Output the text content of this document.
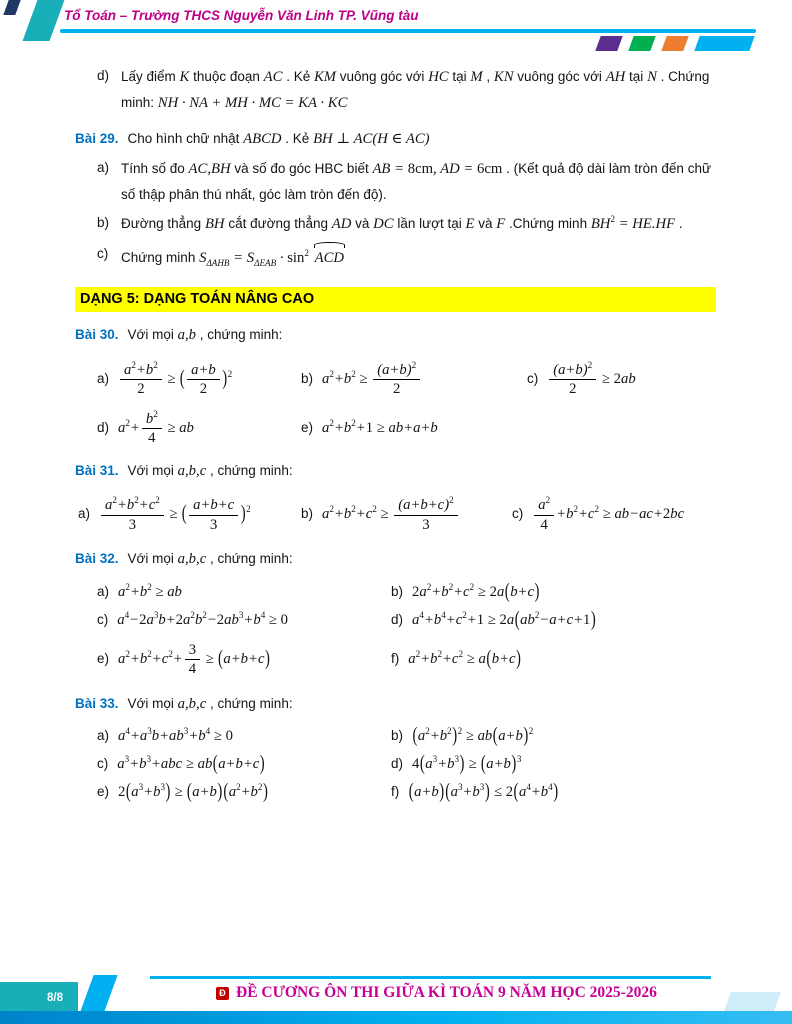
Tổ Toán – Trường THCS Nguyễn Văn Linh TP. Vũng tàu
d) Lấy điểm K thuộc đoạn AC . Kẻ KM vuông góc với HC tại M , KN vuông góc với AH tại N . Chứng minh: NH · NA + MH · MC = KA · KC
Bài 29. Cho hình chữ nhật ABCD . Kẻ BH ⊥ AC(H ∈ AC)
a) Tính số đo AC,BH và số đo góc HBC biết AB = 8cm, AD = 6cm . (Kết quả độ dài làm tròn đến chữ số thập phân thú nhất, góc làm tròn đến độ).
b) Đường thẳng BH cắt đường thẳng AD và DC lần lượt tại E và F .Chứng minh $BH^2 = HE.HF$ .
c) Chứng minh $S_{\Delta AHB} = S_{\Delta EAB} \cdot \sin^2$ ACD
DẠNG 5: DẠNG TOÁN NÂNG CAO
Bài 30. Với mọi a,b , chứng minh:
$a) \frac{a^2+b^2}{2}$ ≥ ( $\frac{a+b}{2} )^2$	b) $a^2+b^2 \ge \frac{(a+b)^2}{2}$	$c) \frac{(a+b)^2}{2} \ge 2ab$
d) $a^2+ \frac{b^2}{4}$ ≥ ab	e) $a^2+b^2+1 \ge ab+a+b$
Bài 31. Với mọi a,b,c , chứng minh:
$a) \frac{a^2+b^2+c^2}{3}$ ≥ ( $\frac{a+b+c}{3} )^2$	b) $a^2+b^2+c^2 \ge \frac{(a+b+c)^2}{3}$	$c) \frac{a^2}{4} +b^2+c^2 \ge ab-ac+2bc$
Bài 32. Với mọi a,b,c , chứng minh:
a) $a^2+b^2$ ≥ ab	b) $2a^2+b^2+c^2 \ge 2a(b+c)$
c) $a^4-2a^3b+2a^2b^2-2ab^3+b^4 \ge 0$	d) $a^4+b^4+c^2+1 \ge 2a(ab^2-a+c+1)$
e) $a^2+b^2+c^2+ \frac{3}{4} \ge (a+b+c)$	f) $a^2+b^2+c^2 \ge a(b+c)$
Bài 33. Với mọi a,b,c , chứng minh:
a) $a^4+a^3b+ab^3+b^4 \ge 0$	b) $(a^2+b^2)^2 \ge ab(a+b)^2$
c) $a^3+b^3+abc \ge ab(a+b+c)$	d) $4(a^3+b^3) \ge (a+b)^3$
e) $2(a^3+b^3) \ge (a+b)(a^2+b^2)$	f) $(a+b)(a^3+b^3) \le 2(a^4+b^4)$
Đ ĐỀ CƯƠNG ÔN THI GIỮA KÌ TOÁN 9 NĂM HỌC 2025-2026
8/8
